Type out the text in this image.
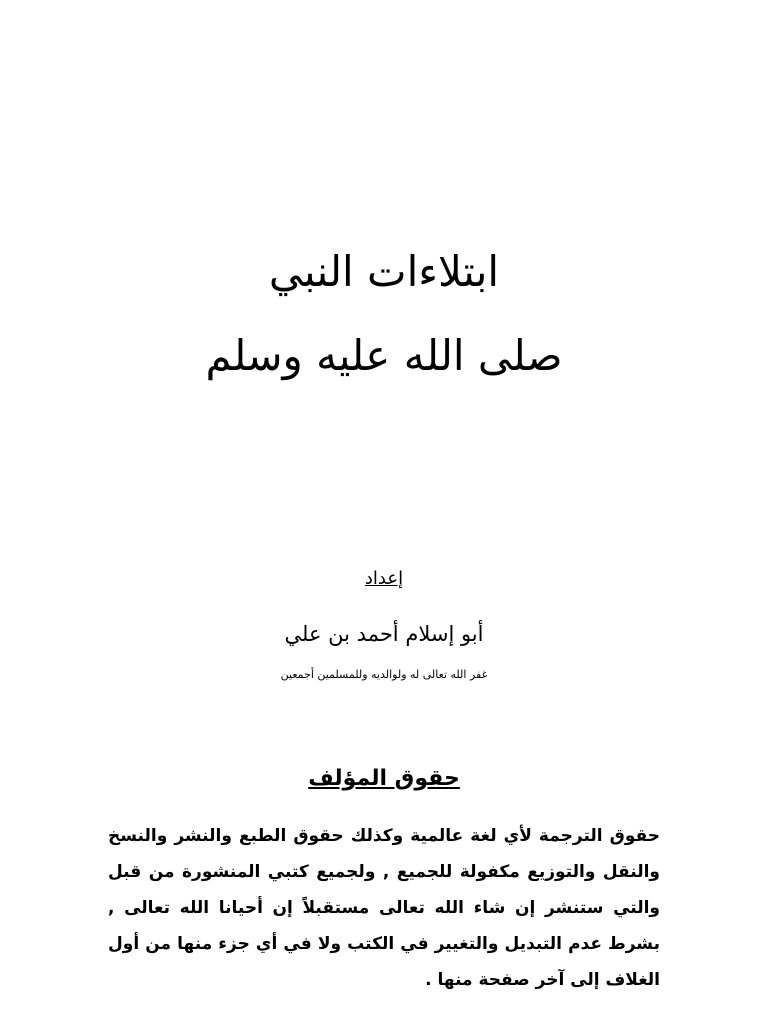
ابتلاءات النبي
صلى الله عليه وسلم
إعداد
أبو إسلام أحمد بن علي
غفر الله تعالى له ولوالديه وللمسلمين أجمعين
حقوق المؤلف
حقوق الترجمة لأي لغة عالمية وكذلك حقوق الطبع والنشر والنسخ والنقل والتوزيع مكفولة للجميع , ولجميع كتبي المنشورة من قبل والتي ستنشر إن شاء الله تعالى مستقبلاً إن أحيانا الله تعالى , بشرط عدم التبديل والتغيير في الكتب ولا في أي جزء منها من أول الغلاف إلى آخر صفحة منها .
